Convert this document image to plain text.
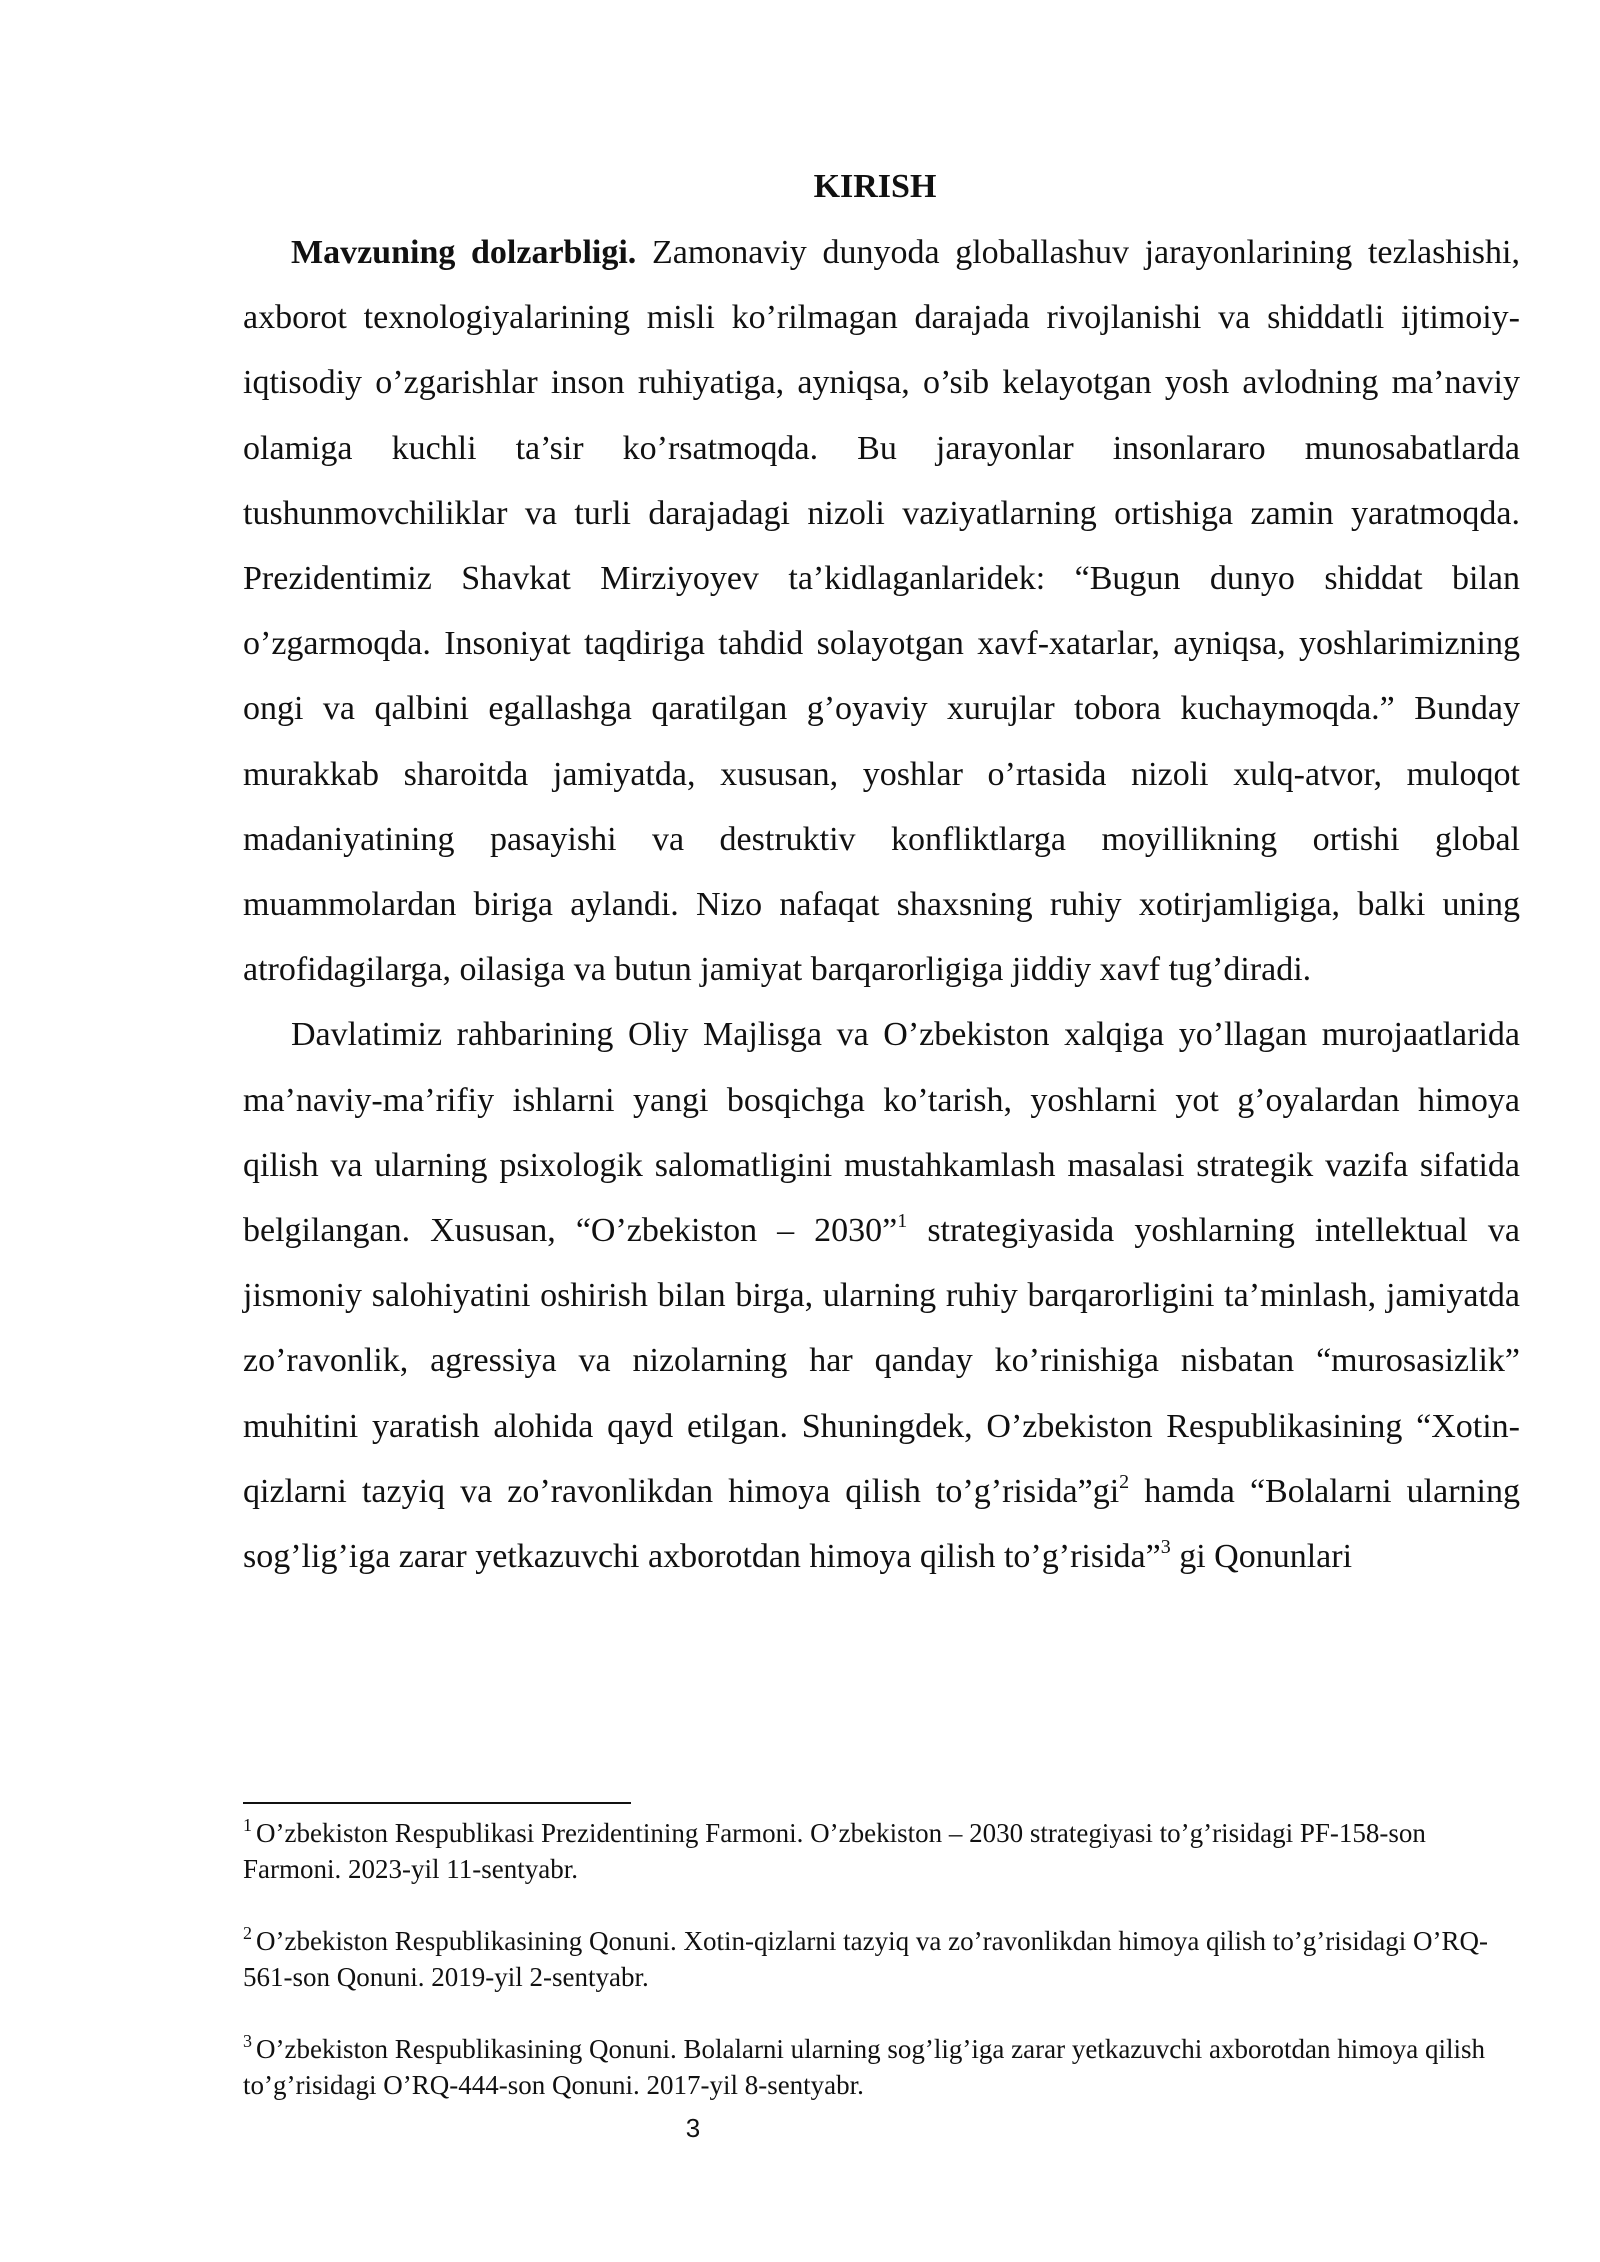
KIRISH

Mavzuning dolzarbligi. Zamonaviy dunyoda globallashuv jarayonlarining tezlashishi, axborot texnologiyalarining misli ko’rilmagan darajada rivojlanishi va shiddatli ijtimoiy-iqtisodiy o’zgarishlar inson ruhiyatiga, ayniqsa, o’sib kelayotgan yosh avlodning ma’naviy olamiga kuchli ta’sir ko’rsatmoqda. Bu jarayonlar insonlararo munosabatlarda tushunmovchiliklar va turli darajadagi nizoli vaziyatlarning ortishiga zamin yaratmoqda. Prezidentimiz Shavkat Mirziyoyev ta’kidlaganlaridek: “Bugun dunyo shiddat bilan o’zgarmoqda. Insoniyat taqdiriga tahdid solayotgan xavf-xatarlar, ayniqsa, yoshlarimizning ongi va qalbini egallashga qaratilgan g’oyaviy xurujlar tobora kuchaymoqda.” Bunday murakkab sharoitda jamiyatda, xususan, yoshlar o’rtasida nizoli xulq-atvor, muloqot madaniyatining pasayishi va destruktiv konfliktlarga moyillikning ortishi global muammolardan biriga aylandi. Nizo nafaqat shaxsning ruhiy xotirjamligiga, balki uning atrofidagilarga, oilasiga va butun jamiyat barqarorligiga jiddiy xavf tug’diradi.

Davlatimiz rahbarining Oliy Majlisga va O’zbekiston xalqiga yo’llagan murojaatlarida ma’naviy-ma’rifiy ishlarni yangi bosqichga ko’tarish, yoshlarni yot g’oyalardan himoya qilish va ularning psixologik salomatligini mustahkamlash masalasi strategik vazifa sifatida belgilangan. Xususan, “O’zbekiston – 2030”$^1$ strategiyasida yoshlarning intellektual va jismoniy salohiyatini oshirish bilan birga, ularning ruhiy barqarorligini ta’minlash, jamiyatda zo’ravonlik, agressiya va nizolarning har qanday ko’rinishiga nisbatan “murosasizlik” muhitini yaratish alohida qayd etilgan. Shuningdek, O’zbekiston Respublikasining “Xotin-qizlarni tazyiq va zo’ravonlikdan himoya qilish to’g’risida”gi$^2$ hamda “Bolalarni ularning sog’lig’iga zarar yetkazuvchi axborotdan himoya qilish to’g’risida”$^3$ gi Qonunlari

$^1$ O’zbekiston Respublikasi Prezidentining Farmoni. O’zbekiston – 2030 strategiyasi to’g’risidagi PF-158-son Farmoni. 2023-yil 11-sentyabr.

$^2$ O’zbekiston Respublikasining Qonuni. Xotin-qizlarni tazyiq va zo’ravonlikdan himoya qilish to’g’risidagi O’RQ-561-son Qonuni. 2019-yil 2-sentyabr.

$^3$ O’zbekiston Respublikasining Qonuni. Bolalarni ularning sog’lig’iga zarar yetkazuvchi axborotdan himoya qilish to’g’risidagi O’RQ-444-son Qonuni. 2017-yil 8-sentyabr.

3
